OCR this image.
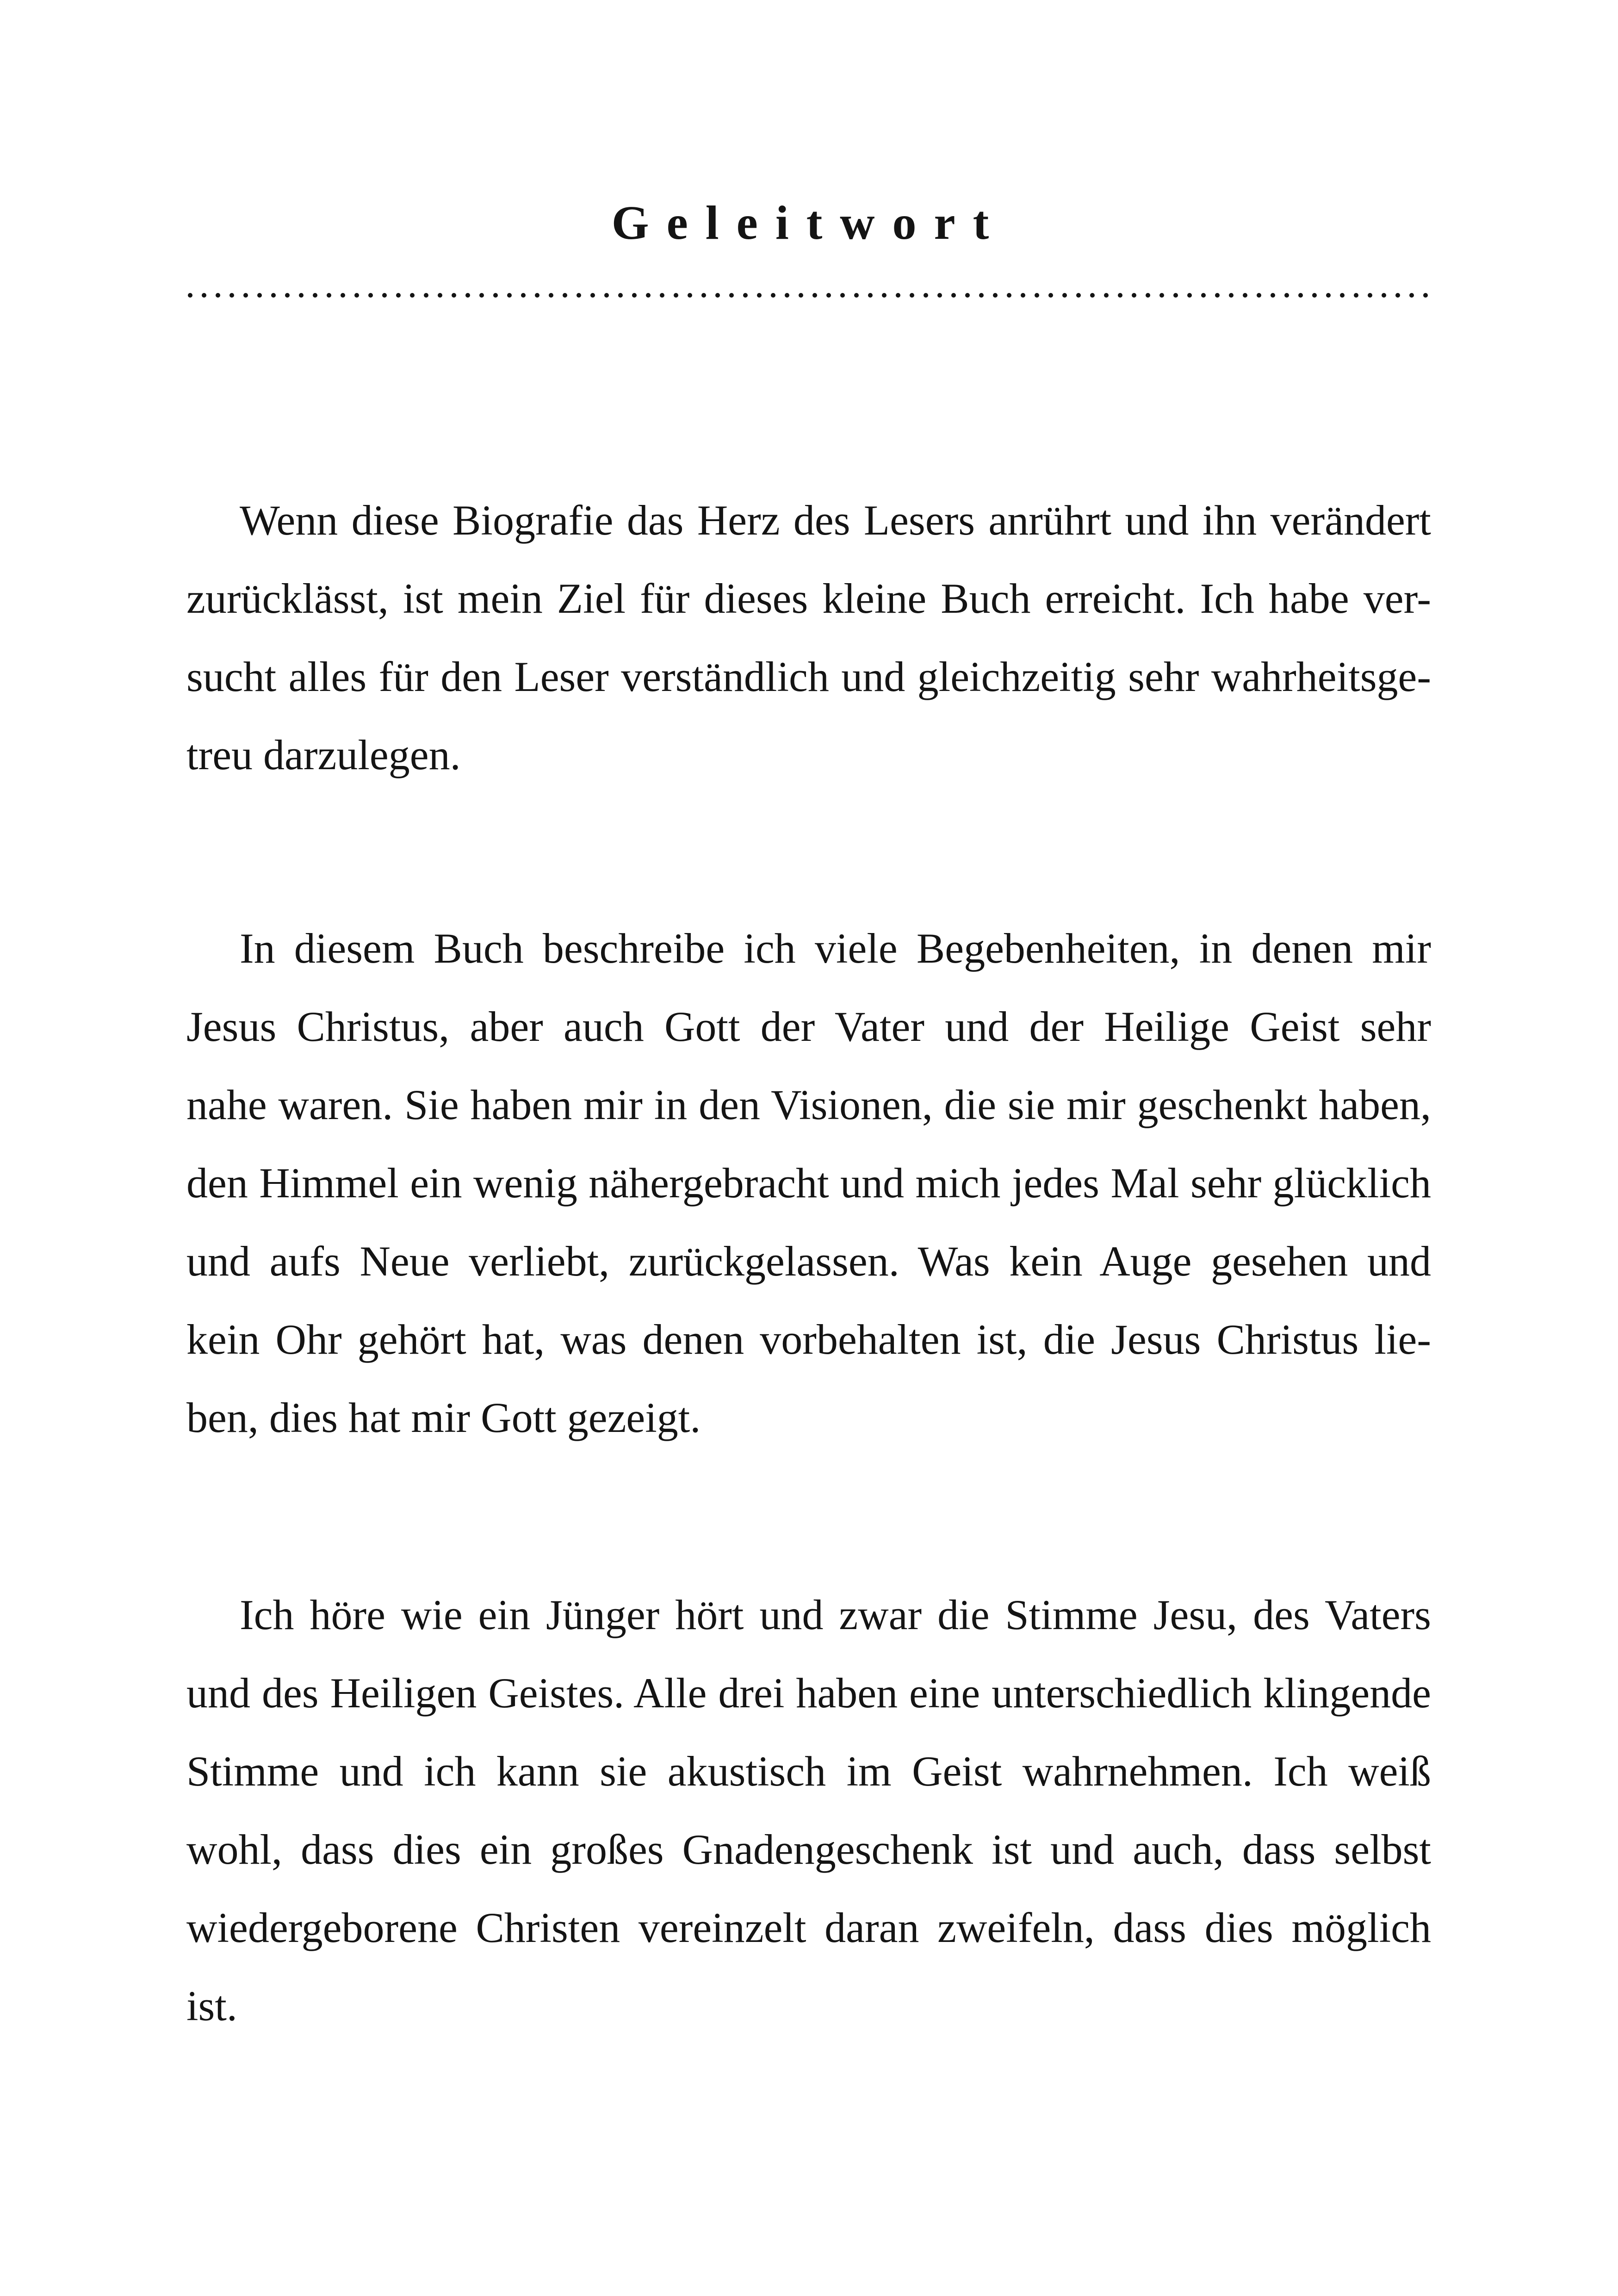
Geleitwort

Wenn diese Biografie das Herz des Lesers anrührt und ihn verändert
zurücklässt, ist mein Ziel für dieses kleine Buch erreicht. Ich habe ver-
sucht alles für den Leser verständlich und gleichzeitig sehr wahrheitsge-
treu darzulegen.

In diesem Buch beschreibe ich viele Begebenheiten, in denen mir
Jesus Christus, aber auch Gott der Vater und der Heilige Geist sehr
nahe waren. Sie haben mir in den Visionen, die sie mir geschenkt haben,
den Himmel ein wenig nähergebracht und mich jedes Mal sehr glücklich
und aufs Neue verliebt, zurückgelassen. Was kein Auge gesehen und
kein Ohr gehört hat, was denen vorbehalten ist, die Jesus Christus lie-
ben, dies hat mir Gott gezeigt.

Ich höre wie ein Jünger hört und zwar die Stimme Jesu, des Vaters
und des Heiligen Geistes. Alle drei haben eine unterschiedlich klingende
Stimme und ich kann sie akustisch im Geist wahrnehmen. Ich weiß
wohl, dass dies ein großes Gnadengeschenk ist und auch, dass selbst
wiedergeborene Christen vereinzelt daran zweifeln, dass dies möglich
ist.
